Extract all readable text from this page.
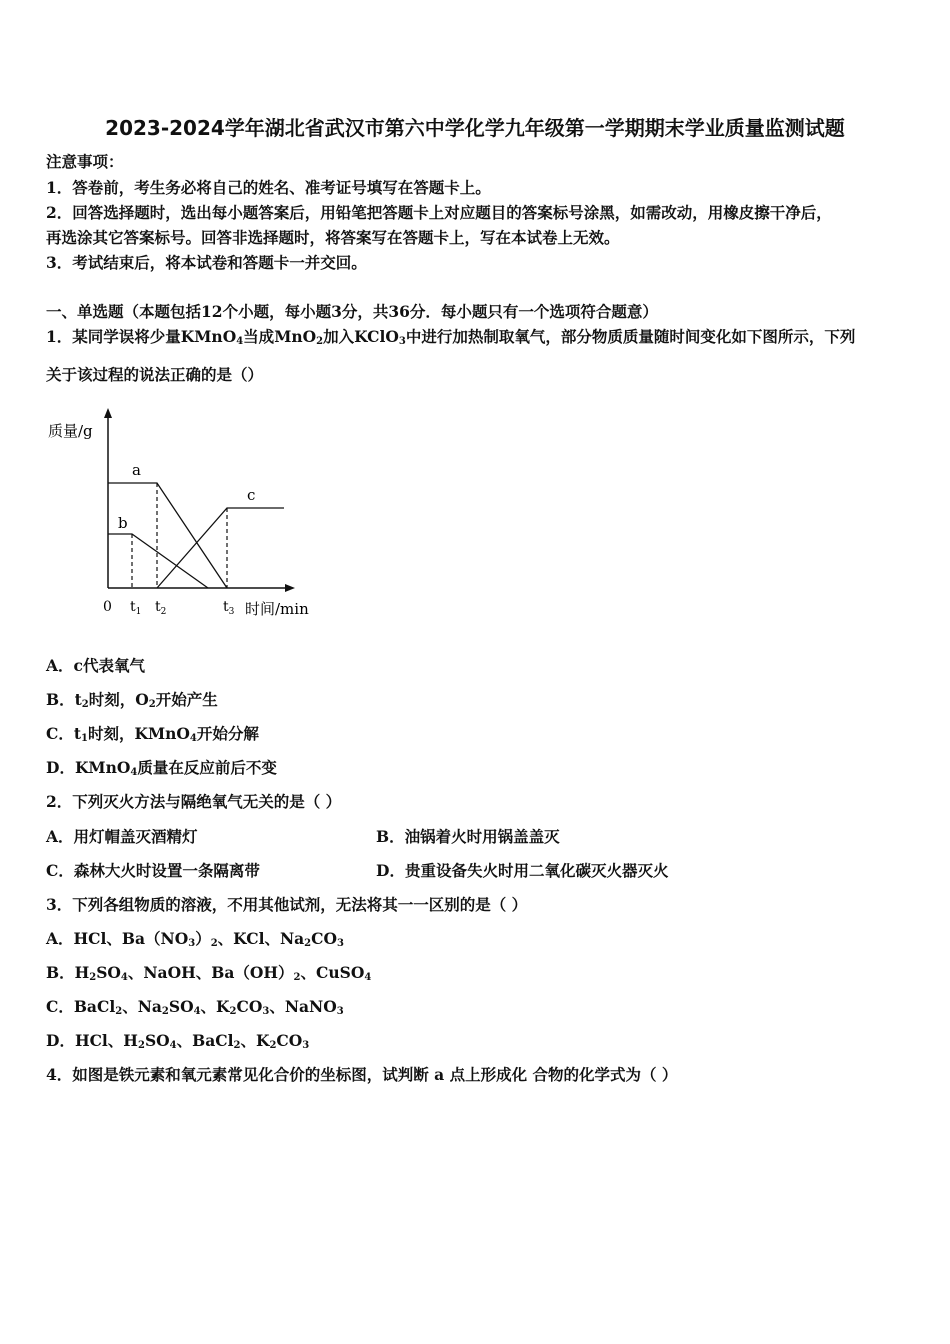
2023-2024学年湖北省武汉市第六中学化学九年级第一学期期末学业质量监测试题
注意事项：
1．答卷前，考生务必将自己的姓名、准考证号填写在答题卡上。
2．回答选择题时，选出每小题答案后，用铅笔把答题卡上对应题目的答案标号涂黑，如需改动，用橡皮擦干净后，
再选涂其它答案标号。回答非选择题时，将答案写在答题卡上，写在本试卷上无效。
3．考试结束后，将本试卷和答题卡一并交回。
一、单选题（本题包括12个小题，每小题3分，共36分．每小题只有一个选项符合题意）
1．某同学误将少量KMnO$_4$当成MnO$_2$加入KClO$_3$中进行加热制取氧气，部分物质质量随时间变化如下图所示，下列
关于该过程的说法正确的是（）
质量/g
a
b
c
0 $t_1$ $t_2$	$t_3$ 时间/min
A．c代表氧气
B．$t_2$时刻，$O_2$开始产生
C．$t_1$时刻，KMnO$_4$开始分解
D．KMnO$_4$质量在反应前后不变
2．下列灭火方法与隔绝氧气无关的是（ ）
A．用灯帽盖灭酒精灯	B．油锅着火时用锅盖盖灭
C．森林大火时设置一条隔离带	D．贵重设备失火时用二氧化碳灭火器灭火
3．下列各组物质的溶液，不用其他试剂，无法将其一一区别的是（ ）
A．HCl、$Ba(NO_3)_2$、KCl、$Na_2CO_3$
B．$H_2SO_4$、NaOH、$Ba(OH)_2$、CuSO$_4$
C．BaCl$_2$、$Na_2SO_4$、$K_2CO_3$、NaNO$_3$
D．HCl、$H_2SO_4$、BaCl$_2$、$K_2CO_3$
4．如图是铁元素和氧元素常见化合价的坐标图，试判断 a 点上形成化 合物的化学式为（ ）
